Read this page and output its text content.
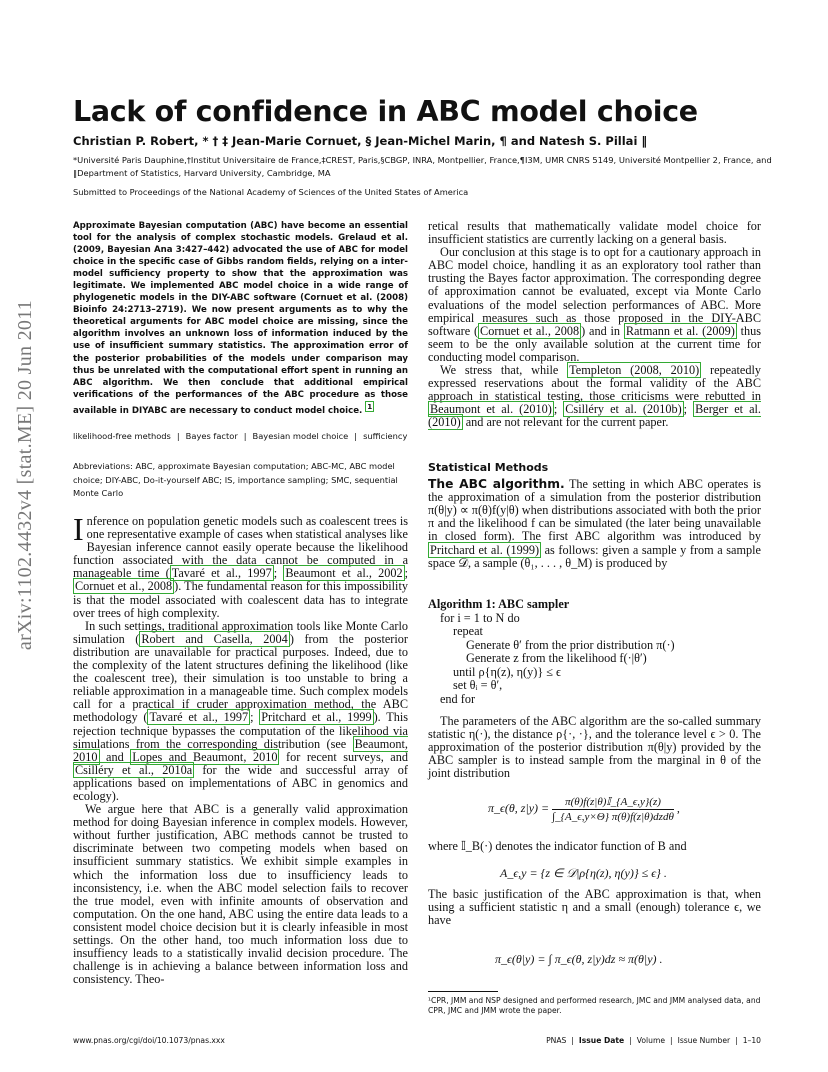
arXiv:1102.4432v4 [stat.ME] 20 Jun 2011
Lack of confidence in ABC model choice
Christian P. Robert, * † ‡ Jean-Marie Cornuet, § Jean-Michel Marin, ¶ and Natesh S. Pillai ‖
*Université Paris Dauphine,†Institut Universitaire de France,‡CREST, Paris,§CBGP, INRA, Montpellier, France,¶I3M, UMR CNRS 5149, Université Montpellier 2, France, and
‖Department of Statistics, Harvard University, Cambridge, MA
Submitted to Proceedings of the National Academy of Sciences of the United States of America
Approximate Bayesian computation (ABC) have become an essential tool for the analysis of complex stochastic models. Grelaud et al. (2009, Bayesian Ana 3:427–442) advocated the use of ABC for model choice in the specific case of Gibbs random fields, relying on a inter-model sufficiency property to show that the approximation was legitimate. We implemented ABC model choice in a wide range of phylogenetic models in the DIY-ABC software (Cornuet et al. (2008) Bioinfo 24:2713–2719). We now present arguments as to why the theoretical arguments for ABC model choice are missing, since the algorithm involves an unknown loss of information induced by the use of insufficient summary statistics. The approximation error of the posterior probabilities of the models under comparison may thus be unrelated with the computational effort spent in running an ABC algorithm. We then conclude that additional empirical verifications of the performances of the ABC procedure as those available in DIYABC are necessary to conduct model choice. $^1$
likelihood-free methods | Bayes factor | Bayesian model choice | sufficiency
Abbreviations: ABC, approximate Bayesian computation; ABC-MC, ABC model choice; DIY-ABC, Do-it-yourself ABC; IS, importance sampling; SMC, sequential Monte Carlo

Inference on population genetic models such as coalescent trees is one representative example of cases when statistical analyses like Bayesian inference cannot easily operate because the likelihood function associated with the data cannot be computed in a manageable time ( Tavaré et al., 1997 ; Beaumont et al., 2002 ; Cornuet et al., 2008 ). The fundamental reason for this impossibility is that the model associated with coalescent data has to integrate over trees of high complexity.

In such settings, traditional approximation tools like Monte Carlo simulation ( Robert and Casella, 2004 ) from the posterior distribution are unavailable for practical purposes. Indeed, due to the complexity of the latent structures defining the likelihood (like the coalescent tree), their simulation is too unstable to bring a reliable approximation in a manageable time. Such complex models call for a practical if cruder approximation method, the ABC methodology ( Tavaré et al., 1997 ; Pritchard et al., 1999 ). This rejection technique bypasses the computation of the likelihood via simulations from the corresponding distribution (see Beaumont, 2010 and Lopes and Beaumont, 2010 for recent surveys, and Csilléry et al., 2010a for the wide and successful array of applications based on implementations of ABC in genomics and ecology).

We argue here that ABC is a generally valid approximation method for doing Bayesian inference in complex models. However, without further justification, ABC methods cannot be trusted to discriminate between two competing models when based on insufficient summary statistics. We exhibit simple examples in which the information loss due to insufficiency leads to inconsistency, i.e. when the ABC model selection fails to recover the true model, even with infinite amounts of observation and computation. On the one hand, ABC using the entire data leads to a consistent model choice decision but it is clearly infeasible in most settings. On the other hand, too much information loss due to insuffiency leads to a statistically invalid decision procedure. The challenge is in achieving a balance between information loss and consistency. Theo-

retical results that mathematically validate model choice for insufficient statistics are currently lacking on a general basis.

Our conclusion at this stage is to opt for a cautionary approach in ABC model choice, handling it as an exploratory tool rather than trusting the Bayes factor approximation. The corresponding degree of approximation cannot be evaluated, except via Monte Carlo evaluations of the model selection performances of ABC. More empirical measures such as those proposed in the DIY-ABC software ( Cornuet et al., 2008 ) and in Ratmann et al. (2009) thus seem to be the only available solution at the current time for conducting model comparison.

We stress that, while Templeton (2008, 2010) repeatedly expressed reservations about the formal validity of the ABC approach in statistical testing, those criticisms were rebutted in Beaumont et al. (2010) ; Csilléry et al. (2010b) ; Berger et al. (2010) and are not relevant for the current paper.

Statistical Methods

The ABC algorithm. The setting in which ABC operates is the approximation of a simulation from the posterior distribution π(θ|y) ∝ π(θ)f(y|θ) when distributions associated with both the prior π and the likelihood f can be simulated (the later being unavailable in closed form). The first ABC algorithm was introduced by Pritchard et al. (1999) as follows: given a sample y from a sample space 𝒟, a sample (θ₁, . . . , θ_M) is produced by

Algorithm 1: ABC sampler
for i = 1 to N do
repeat
Generate θ′ from the prior distribution π(·)
Generate z from the likelihood f(·|θ′)
until ρ{η(z), η(y)} ≤ ϵ
set θᵢ = θ′,
end for

The parameters of the ABC algorithm are the so-called summary statistic η(·), the distance ρ{·, ·}, and the tolerance level ϵ > 0. The approximation of the posterior distribution π(θ|y) provided by the ABC sampler is to instead sample from the marginal in θ of the joint distribution

where 𝕀_B(·) denotes the indicator function of B and

The basic justification of the ABC approximation is that, when using a sufficient statistic η and a small (enough) tolerance ϵ, we have

π_ϵ(θ, $z|y) = \frac{\text{π(θ)f(z|θ)𝕀\_\{A\_ϵ,y\}(z)}}{\text{∫\_\{A\_ϵ,y×Θ\} π(θ)f(z|θ)dzdθ}}$ ,
A_ϵ,y = {z ∈ 𝒟|ρ{η(z), η(y)} ≤ ϵ} .
π_ϵ(θ|y) = ∫ π_ϵ(θ, z|y)dz ≈ π(θ|y) .
¹CPR, JMM and NSP designed and performed research, JMC and JMM analysed data, and CPR, JMC and JMM wrote the paper.
www.pnas.org/cgi/doi/10.1073/pnas.xxx	PNAS | Issue Date | Volume | Issue Number | 1–10
